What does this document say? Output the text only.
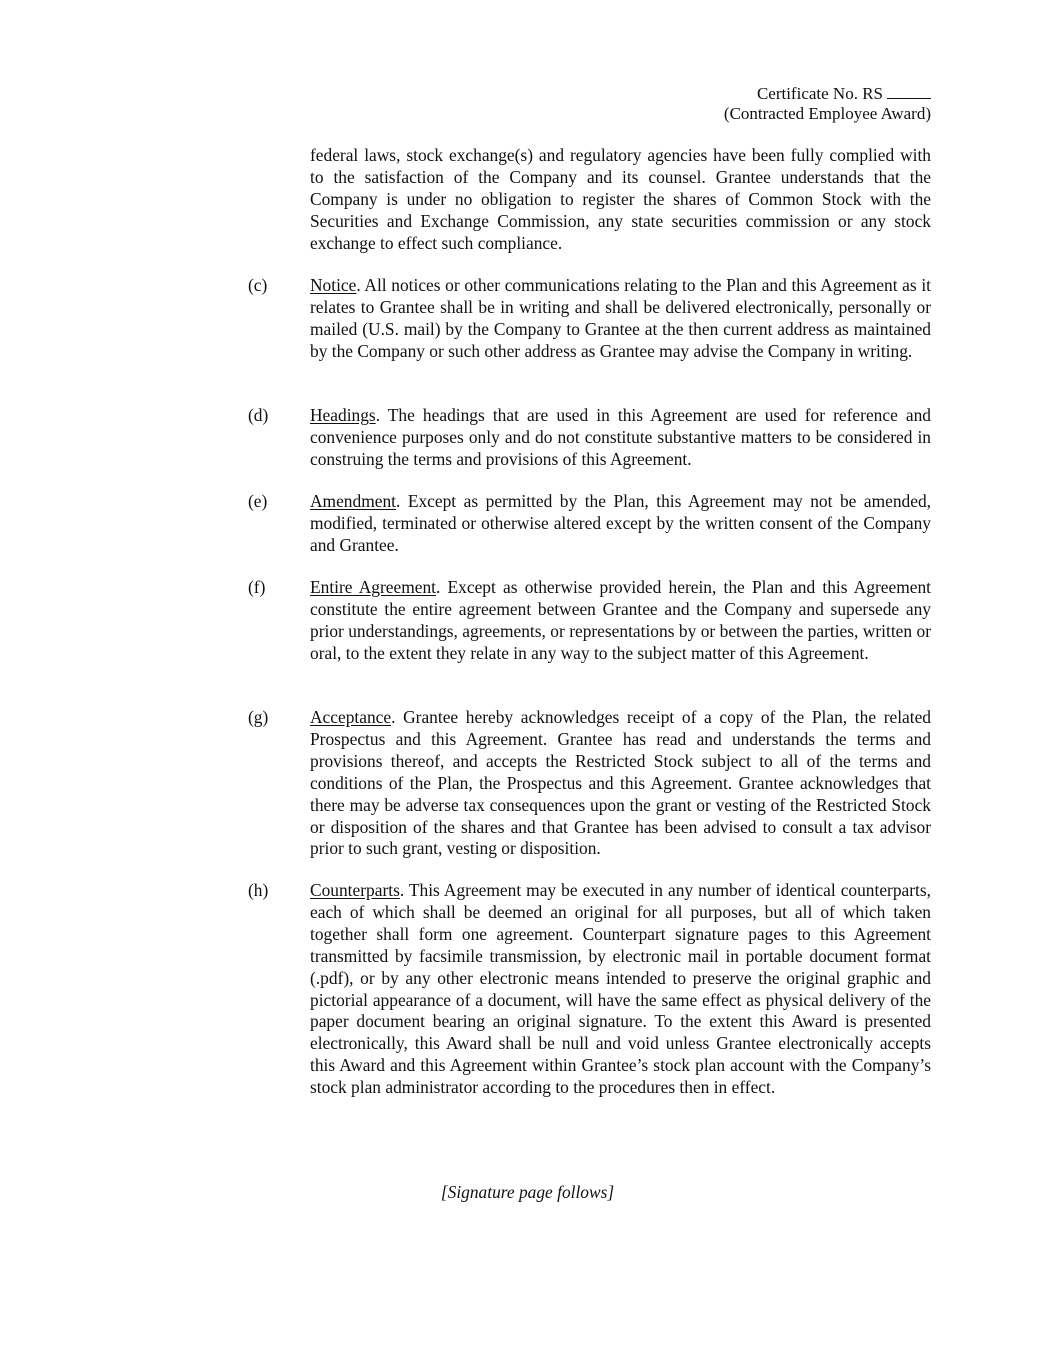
Certificate No. RS
(Contracted Employee Award)

federal laws, stock exchange(s) and regulatory agencies have been fully complied with to the satisfaction of the Company and its counsel. Grantee understands that the Company is under no obligation to register the shares of Common Stock with the Securities and Exchange Commission, any state securities commission or any stock exchange to effect such compliance.

(c) Notice. All notices or other communications relating to the Plan and this Agreement as it relates to Grantee shall be in writing and shall be delivered electronically, personally or mailed (U.S. mail) by the Company to Grantee at the then current address as maintained by the Company or such other address as Grantee may advise the Company in writing.
(d) Headings. The headings that are used in this Agreement are used for reference and convenience purposes only and do not constitute substantive matters to be considered in construing the terms and provisions of this Agreement.
(e) Amendment. Except as permitted by the Plan, this Agreement may not be amended, modified, terminated or otherwise altered except by the written consent of the Company and Grantee.
(f)	Entire Agreement. Except as otherwise provided herein, the Plan and this Agreement constitute the entire agreement between Grantee and the Company and supersede any prior understandings, agreements, or representations by or between the parties, written or oral, to the extent they relate in any way to the subject matter of this Agreement.
(g) Acceptance. Grantee hereby acknowledges receipt of a copy of the Plan, the related Prospectus and this Agreement. Grantee has read and understands the terms and provisions thereof, and accepts the Restricted Stock subject to all of the terms and conditions of the Plan, the Prospectus and this Agreement. Grantee acknowledges that there may be adverse tax consequences upon the grant or vesting of the Restricted Stock or disposition of the shares and that Grantee has been advised to consult a tax advisor prior to such grant, vesting or disposition.
(h) Counterparts. This Agreement may be executed in any number of identical counterparts, each of which shall be deemed an original for all purposes, but all of which taken together shall form one agreement. Counterpart signature pages to this Agreement transmitted by facsimile transmission, by electronic mail in portable document format (.pdf), or by any other electronic means intended to preserve the original graphic and pictorial appearance of a document, will have the same effect as physical delivery of the paper document bearing an original signature. To the extent this Award is presented electronically, this Award shall be null and void unless Grantee electronically accepts this Award and this Agreement within Grantee’s stock plan account with the Company’s stock plan administrator according to the procedures then in effect.
[Signature page follows]
